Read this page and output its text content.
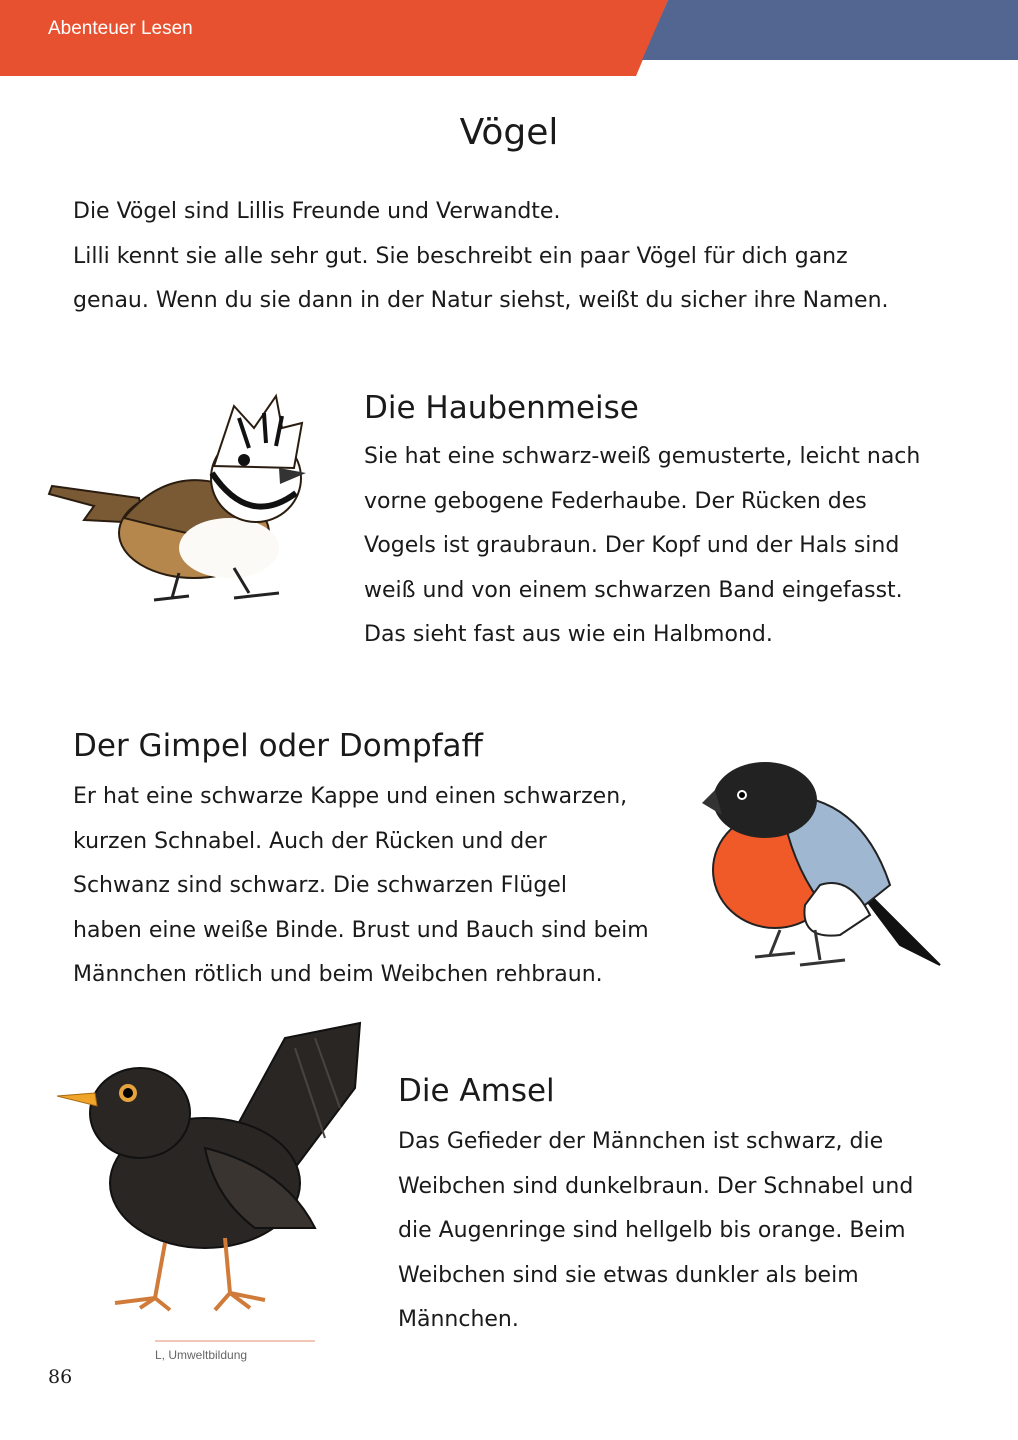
Abenteuer Lesen
Vögel
Die Vögel sind Lillis Freunde und Verwandte.
Lilli kennt sie alle sehr gut. Sie beschreibt ein paar Vögel für dich ganz
genau. Wenn du sie dann in der Natur siehst, weißt du sicher ihre Namen.
Die Haubenmeise
Sie hat eine schwarz-weiß gemusterte, leicht nach
vorne gebogene Federhaube. Der Rücken des
Vogels ist graubraun. Der Kopf und der Hals sind
weiß und von einem schwarzen Band eingefasst.
Das sieht fast aus wie ein Halbmond.
Der Gimpel oder Dompfaff
Er hat eine schwarze Kappe und einen schwarzen,
kurzen Schnabel. Auch der Rücken und der
Schwanz sind schwarz. Die schwarzen Flügel
haben eine weiße Binde. Brust und Bauch sind beim
Männchen rötlich und beim Weibchen rehbraun.
Die Amsel
Das Gefieder der Männchen ist schwarz, die
Weibchen sind dunkelbraun. Der Schnabel und
die Augenringe sind hellgelb bis orange. Beim
Weibchen sind sie etwas dunkler als beim
Männchen.
L, Umweltbildung
86
